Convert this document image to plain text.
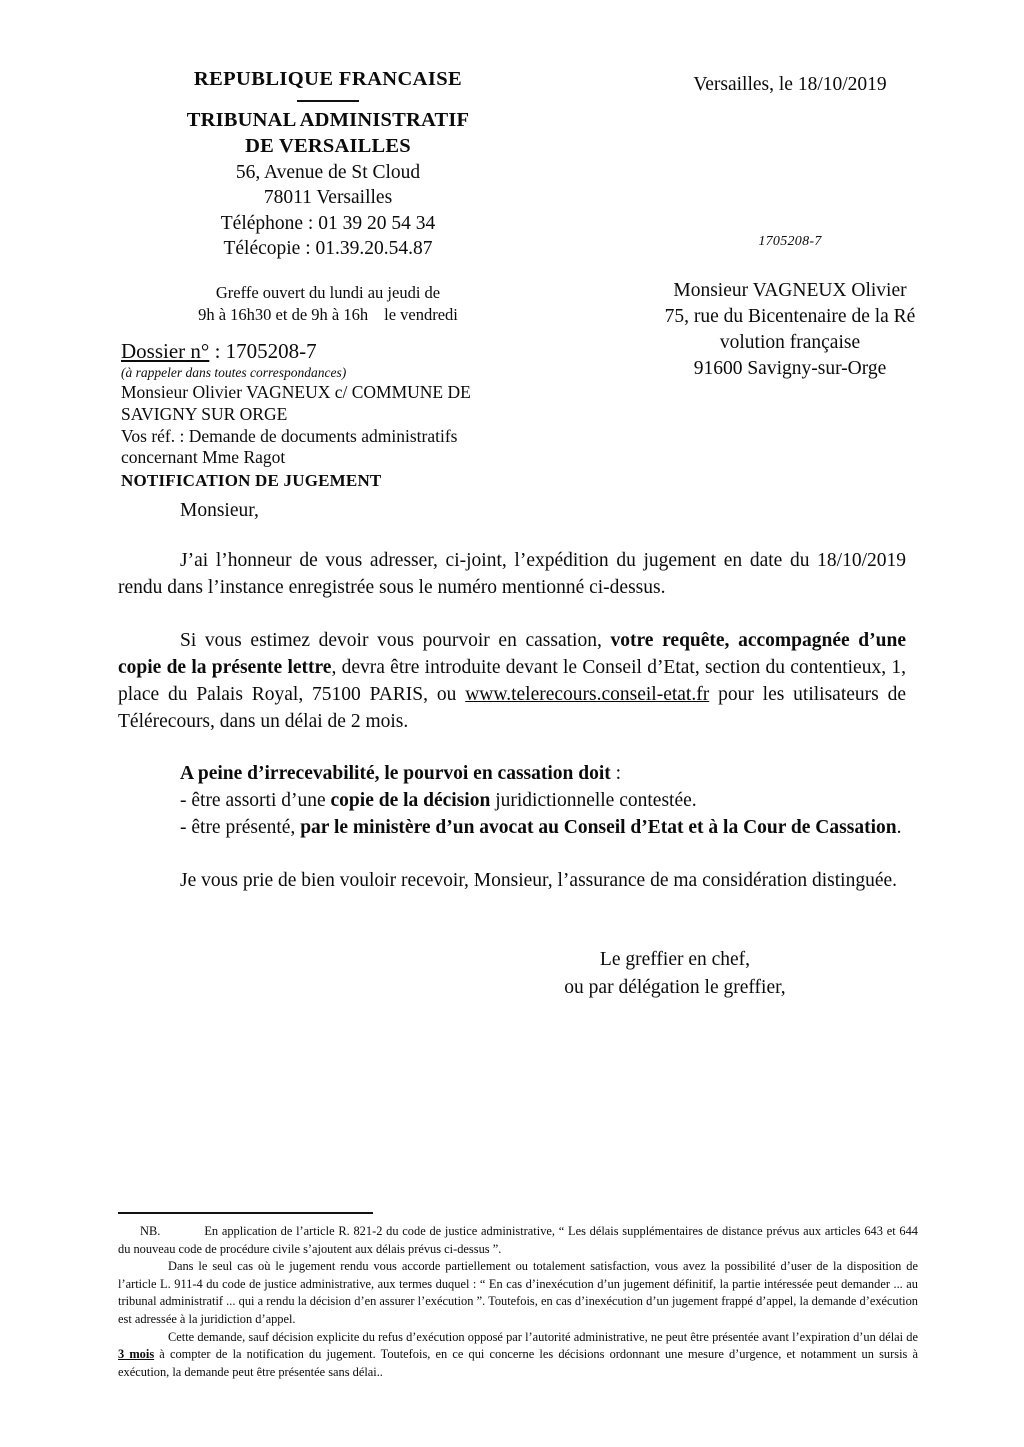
REPUBLIQUE FRANCAISE
TRIBUNAL ADMINISTRATIF
DE VERSAILLES
56, Avenue de St Cloud
78011 Versailles
Téléphone : 01 39 20 54 34
Télécopie : 01.39.20.54.87
Greffe ouvert du lundi au jeudi de
9h à 16h30 et de 9h à 16h le vendredi
Versailles, le 18/10/2019
1705208-7
Monsieur VAGNEUX Olivier
75, rue du Bicentenaire de la Ré
volution française
91600 Savigny-sur-Orge
Dossier n° : 1705208-7
(à rappeler dans toutes correspondances)
Monsieur Olivier VAGNEUX c/ COMMUNE DE
SAVIGNY SUR ORGE
Vos réf. : Demande de documents administratifs
concernant Mme Ragot
NOTIFICATION DE JUGEMENT
Monsieur,

J’ai l’honneur de vous adresser, ci-joint, l’expédition du jugement en date du 18/10/2019 rendu dans l’instance enregistrée sous le numéro mentionné ci-dessus.

Si vous estimez devoir vous pourvoir en cassation, votre requête, accompagnée d’une copie de la présente lettre, devra être introduite devant le Conseil d’Etat, section du contentieux, 1, place du Palais Royal, 75100 PARIS, ou www.telerecours.conseil-etat.fr pour les utilisateurs de Télérecours, dans un délai de 2 mois.

A peine d’irrecevabilité, le pourvoi en cassation doit :
- être assorti d’une copie de la décision juridictionnelle contestée.
- être présenté, par le ministère d’un avocat au Conseil d’Etat et à la Cour de Cassation.

Je vous prie de bien vouloir recevoir, Monsieur, l’assurance de ma considération distinguée.

Le greffier en chef,
ou par délégation le greffier,

NB.	En application de l’article R. 821-2 du code de justice administrative, “ Les délais supplémentaires de distance prévus aux articles 643 et 644 du nouveau code de procédure civile s’ajoutent aux délais prévus ci-dessus ”.

Dans le seul cas où le jugement rendu vous accorde partiellement ou totalement satisfaction, vous avez la possibilité d’user de la disposition de l’article L. 911-4 du code de justice administrative, aux termes duquel : “ En cas d’inexécution d’un jugement définitif, la partie intéressée peut demander ... au tribunal administratif ... qui a rendu la décision d’en assurer l’exécution ”. Toutefois, en cas d’inexécution d’un jugement frappé d’appel, la demande d’exécution est adressée à la juridiction d’appel.

Cette demande, sauf décision explicite du refus d’exécution opposé par l’autorité administrative, ne peut être présentée avant l’expiration d’un délai de 3 mois à compter de la notification du jugement. Toutefois, en ce qui concerne les décisions ordonnant une mesure d’urgence, et notamment un sursis à exécution, la demande peut être présentée sans délai..
